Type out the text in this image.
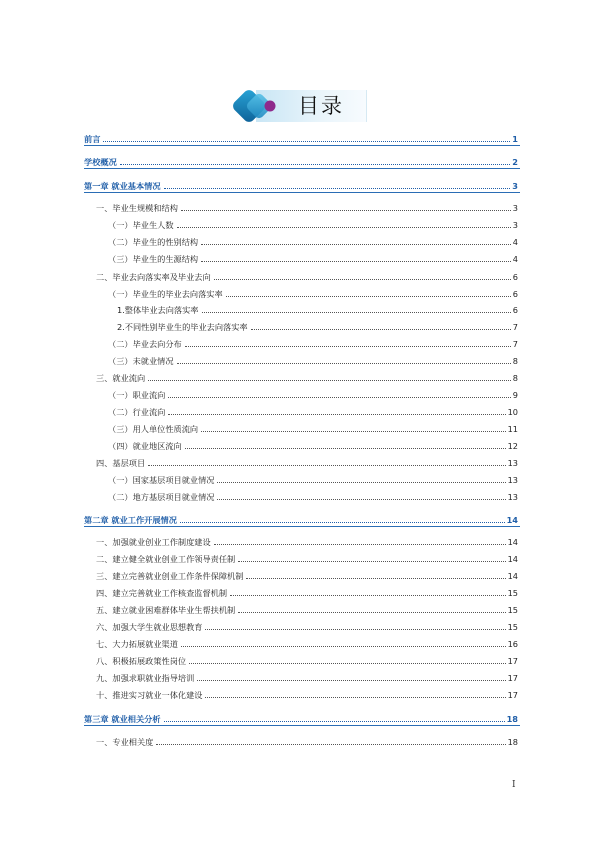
目录
前言	1
学校概况	2
第一章 就业基本情况	3
一、毕业生规模和结构	3
（一）毕业生人数	3
（二）毕业生的性别结构	4
（三）毕业生的生源结构	4
二、毕业去向落实率及毕业去向	6
（一）毕业生的毕业去向落实率	6
1.整体毕业去向落实率	6
2.不同性别毕业生的毕业去向落实率	7
（二）毕业去向分布	7
（三）未就业情况	8
三、就业流向	8
（一）职业流向	9
（二）行业流向	10
（三）用人单位性质流向	11
（四）就业地区流向	12
四、基层项目	13
（一）国家基层项目就业情况	13
（二）地方基层项目就业情况	13
第二章 就业工作开展情况	14
一、加强就业创业工作制度建设	14
二、建立健全就业创业工作领导责任制	14
三、建立完善就业创业工作条件保障机制	14
四、建立完善就业工作核查监督机制	15
五、建立就业困难群体毕业生帮扶机制	15
六、加强大学生就业思想教育	15
七、大力拓展就业渠道	16
八、积极拓展政策性岗位	17
九、加强求职就业指导培训	17
十、推进实习就业一体化建设	17
第三章 就业相关分析	18
一、专业相关度	18
I
